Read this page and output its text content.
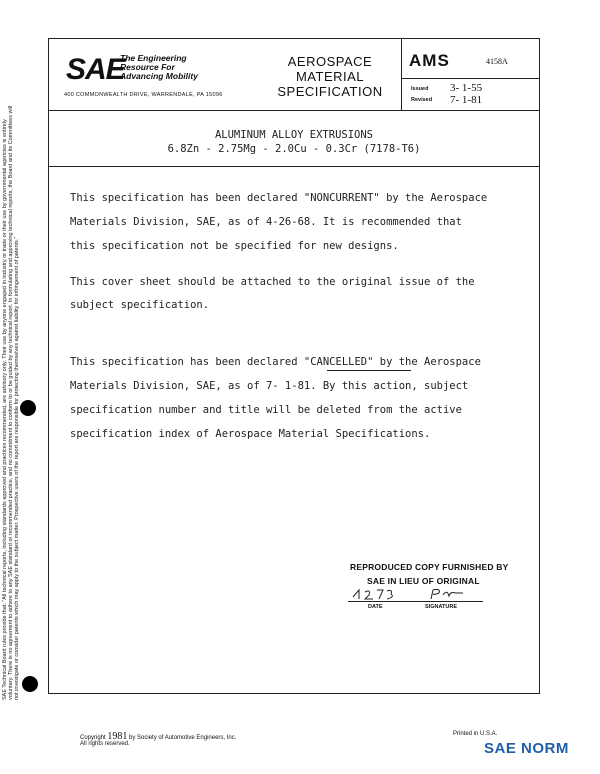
SAE
The Engineering
Resource For
Advancing Mobility
400 COMMONWEALTH DRIVE, WARRENDALE, PA 15096
AEROSPACE
MATERIAL
SPECIFICATION
AMS	4158A
Issued 3- 1-55
Revised 7- 1-81
ALUMINUM ALLOY EXTRUSIONS
6.8Zn - 2.75Mg - 2.0Cu - 0.3Cr (7178-T6)
This specification has been declared "NONCURRENT" by the Aerospace
Materials Division, SAE, as of 4-26-68. It is recommended that
this specification not be specified for new designs.
This cover sheet should be attached to the original issue of the
subject specification.
This specification has been declared "CANCELLED" by the Aerospace
Materials Division, SAE, as of 7- 1-81. By this action, subject
specification number and title will be deleted from the active
specification index of Aerospace Material Specifications.
REPRODUCED COPY FURNISHED BY
SAE IN LIEU OF ORIGINAL
DATE	SIGNATURE
SAE Technical Board rules provide that: "All technical reports, including standards approved and practices recommended, are advisory only. Their use by anyone engaged in industry or trade or their use by governmental agencies is entirely voluntary. There is no agreement to adhere to any SAE standard or recommended practice, and no commitment to conform to or be guided by any technical report. In formulating and approving technical reports, the Board and its Committees will not investigate or consider patents which may apply to the subject matter. Prospective users of the report are responsible for protecting themselves against liability for infringement of patents."
Copyright 1981 by Society of Automotive Engineers, Inc.
All rights reserved.
Printed in U.S.A.
SAE NORM
